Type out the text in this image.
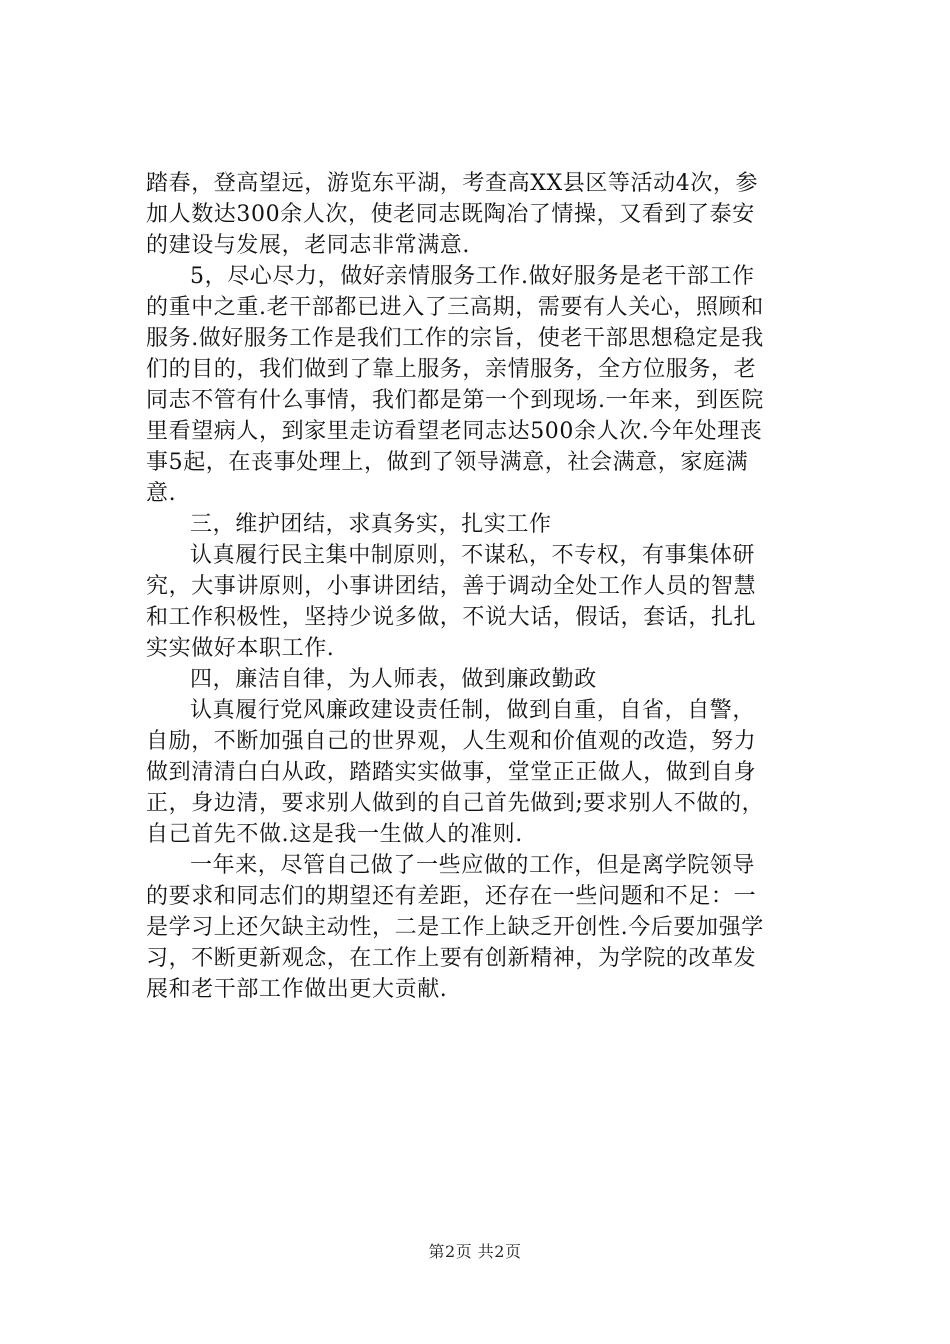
踏春，登高望远，游览东平湖，考查高XX县区等活动4次，参
加人数达300余人次，使老同志既陶冶了情操，又看到了泰安
的建设与发展，老同志非常满意.
5，尽心尽力，做好亲情服务工作.做好服务是老干部工作
的重中之重.老干部都已进入了三高期，需要有人关心，照顾和
服务.做好服务工作是我们工作的宗旨，使老干部思想稳定是我
们的目的，我们做到了靠上服务，亲情服务，全方位服务，老
同志不管有什么事情，我们都是第一个到现场.一年来，到医院
里看望病人，到家里走访看望老同志达500余人次.今年处理丧
事5起，在丧事处理上，做到了领导满意，社会满意，家庭满
意.
三，维护团结，求真务实，扎实工作
认真履行民主集中制原则，不谋私，不专权，有事集体研
究，大事讲原则，小事讲团结，善于调动全处工作人员的智慧
和工作积极性，坚持少说多做，不说大话，假话，套话，扎扎
实实做好本职工作.
四，廉洁自律，为人师表，做到廉政勤政
认真履行党风廉政建设责任制，做到自重，自省，自警，
自励，不断加强自己的世界观，人生观和价值观的改造，努力
做到清清白白从政，踏踏实实做事，堂堂正正做人，做到自身
正，身边清，要求别人做到的自己首先做到;要求别人不做的，
自己首先不做.这是我一生做人的准则.
一年来，尽管自己做了一些应做的工作，但是离学院领导
的要求和同志们的期望还有差距，还存在一些问题和不足：一
是学习上还欠缺主动性，二是工作上缺乏开创性.今后要加强学
习，不断更新观念，在工作上要有创新精神，为学院的改革发
展和老干部工作做出更大贡献.
第2页 共2页
